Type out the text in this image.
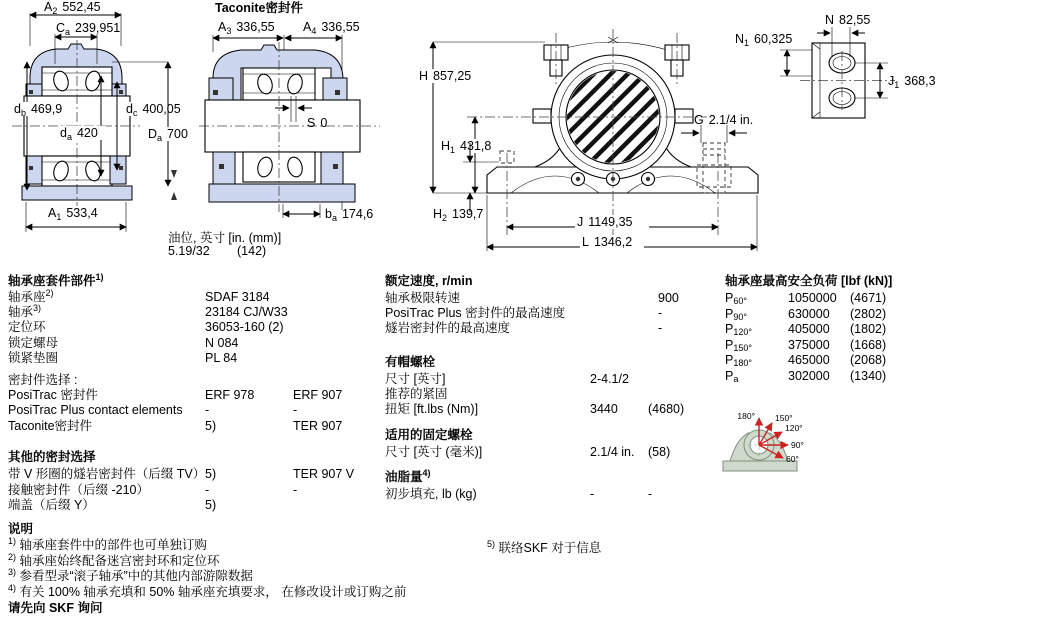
$A_2$ 552,45
$C_a$ 239,951
$d_b$ 469,9
$d_a$ 420
$d_c$ 400,05
$D_a$ 700
$A_1$ 533,4
Taconite密封件
$A_3$ 336,55 $A_4$ 336,55
S 0
$b_a$ 174,6
油位, 英寸 [in. (mm)]
5.19/32 (142)
H 857,25
$H_1$ 431,8
$H_2$ 139,7
J 1149,35
L 1346,2
G 2.1/4 in.
N 82,55
$N_1$ 60,325
$J_1$ 368,3
180° 150°
120°
90°
60°
轴承座套件部件$^{1)}$
轴承座$^{2)}$	SDAF 3184
轴承$^{3)}$	23184 CJ/W33
定位环	36053-160 (2)
锁定螺母	N 084
锁紧垫圈	PL 84
密封件选择 :
PosiTrac 密封件	ERF 978	ERF 907
PosiTrac Plus contact elements -	-
Taconite密封件	5)	TER 907
其他的密封选择
带 V 形圈的燧岩密封件（后缀 TV） 5)	TER 907 V
接触密封件（后缀 -210）	-	-
端盖（后缀 Y）	5)
说明
$^{1)}$ 轴承座套件中的部件也可单独订购
$^{2)}$ 轴承座始终配备迷宫密封环和定位环
$^{3)}$ 参看型录“滚子轴承”中的其他内部游隙数据
$^{4)}$ 有关 100% 轴承充填和 50% 轴承座充填要求， 在修改设计或订购之前
请先向 SKF 询问
$^{5)}$ 联络SKF 对于信息
额定速度, r/min
轴承极限转速	900
PosiTrac Plus 密封件的最高速度	-
燧岩密封件的最高速度	-
有帽螺栓
尺寸 [英寸]	2-4.1/2
推荐的紧固
扭矩 [ft.lbs (Nm)]	3440 (4680)
适用的固定螺栓
尺寸 [英寸 (毫米)]	2.1/4 in. (58)
油脂量$^{4)}$
初步填充, lb (kg)	-	-
轴承座最高安全负荷 [lbf (kN)]
$P_{60^\circ}$	1050000 (4671)
$P_{90^\circ}$	630000 (2802)
$P_{120^\circ}$	405000 (1802)
$P_{150^\circ}$	375000 (1668)
$P_{180^\circ}$	465000 (2068)
$P_a$	302000 (1340)
